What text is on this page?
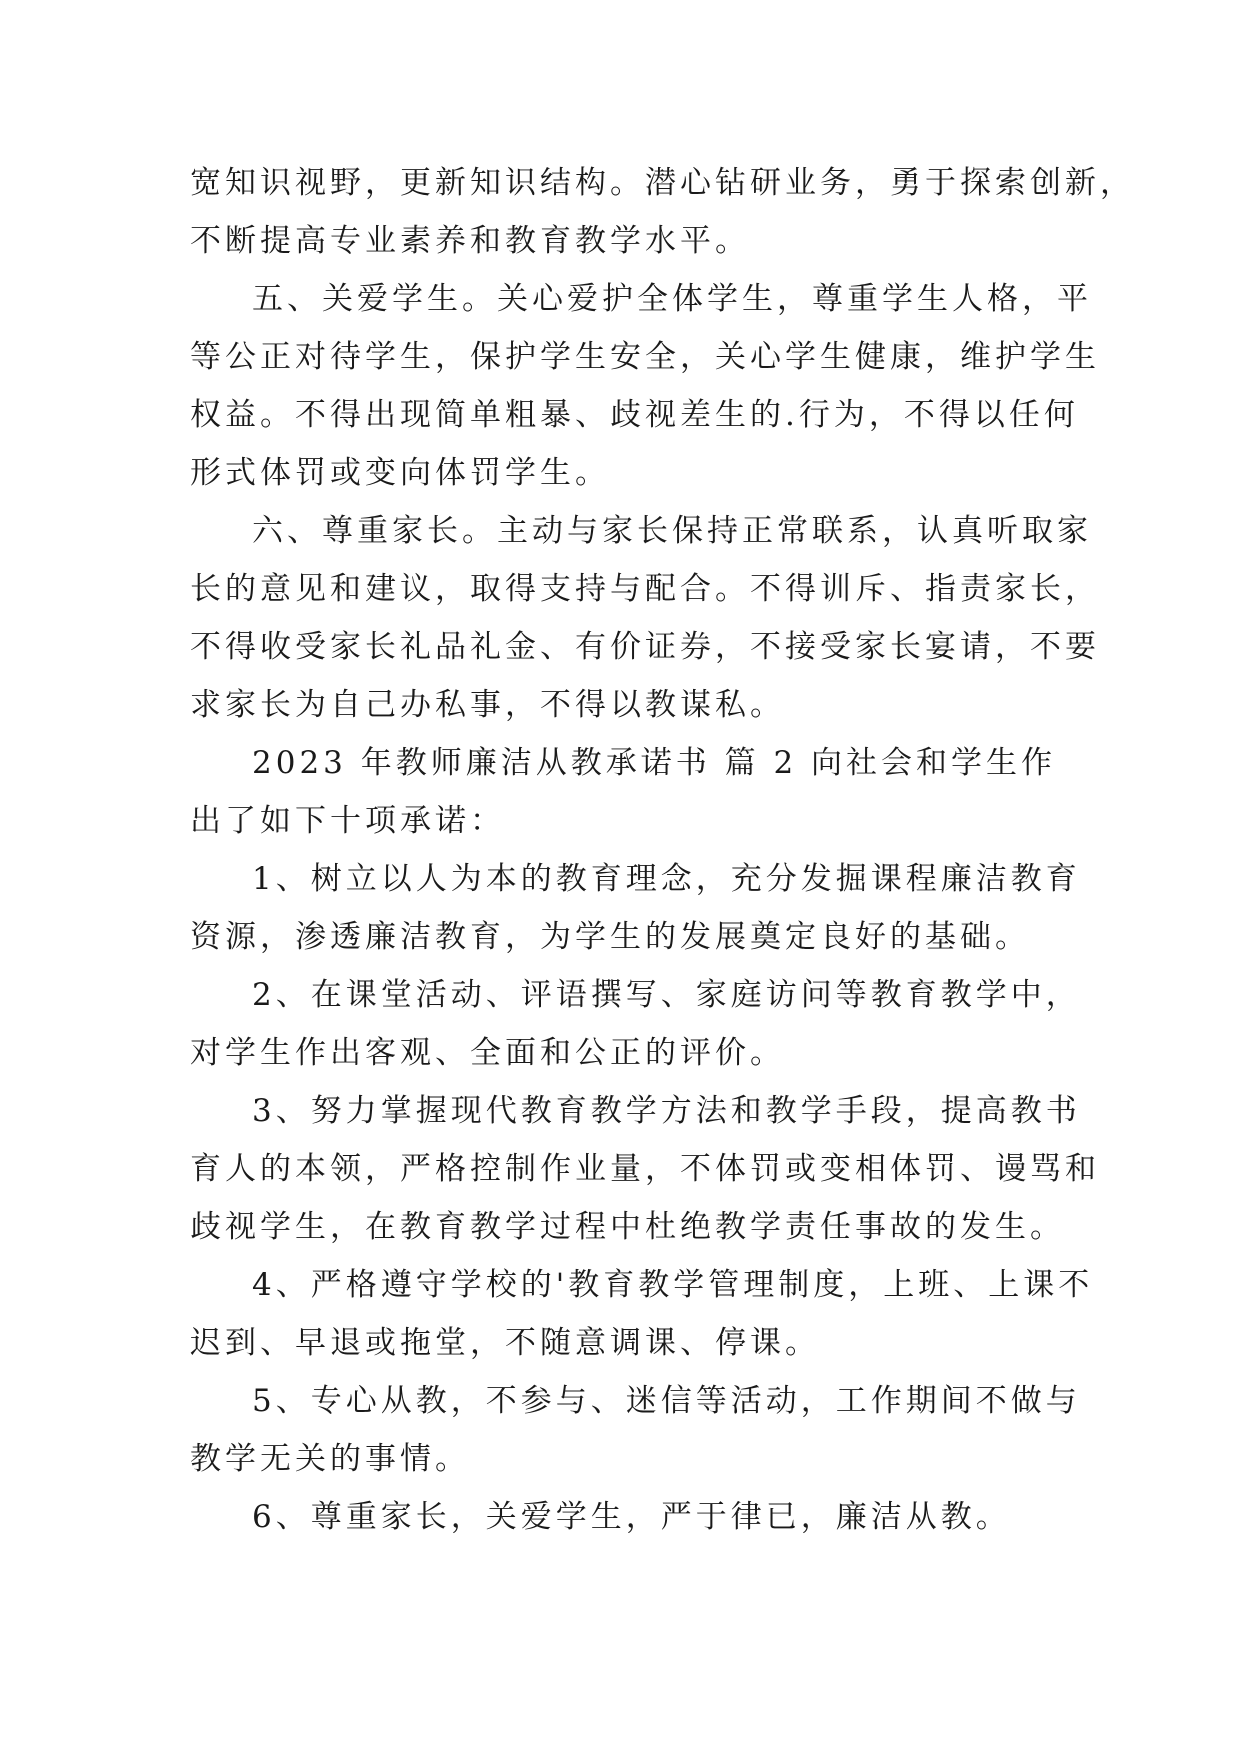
宽知识视野，更新知识结构。潜心钻研业务，勇于探索创新，
不断提高专业素养和教育教学水平。
五、关爱学生。关心爱护全体学生，尊重学生人格，平
等公正对待学生，保护学生安全，关心学生健康，维护学生
权益。不得出现简单粗暴、歧视差生的.行为，不得以任何
形式体罚或变向体罚学生。
六、尊重家长。主动与家长保持正常联系，认真听取家
长的意见和建议，取得支持与配合。不得训斥、指责家长，
不得收受家长礼品礼金、有价证券，不接受家长宴请，不要
求家长为自己办私事，不得以教谋私。
2023 年教师廉洁从教承诺书 篇 2 向社会和学生作
出了如下十项承诺：
1、树立以人为本的教育理念，充分发掘课程廉洁教育
资源，渗透廉洁教育，为学生的发展奠定良好的基础。
2、在课堂活动、评语撰写、家庭访问等教育教学中，
对学生作出客观、全面和公正的评价。
3、努力掌握现代教育教学方法和教学手段，提高教书
育人的本领，严格控制作业量，不体罚或变相体罚、谩骂和
歧视学生，在教育教学过程中杜绝教学责任事故的发生。
4、严格遵守学校的'教育教学管理制度，上班、上课不
迟到、早退或拖堂，不随意调课、停课。
5、专心从教，不参与、迷信等活动，工作期间不做与
教学无关的事情。
6、尊重家长，关爱学生，严于律已，廉洁从教。
